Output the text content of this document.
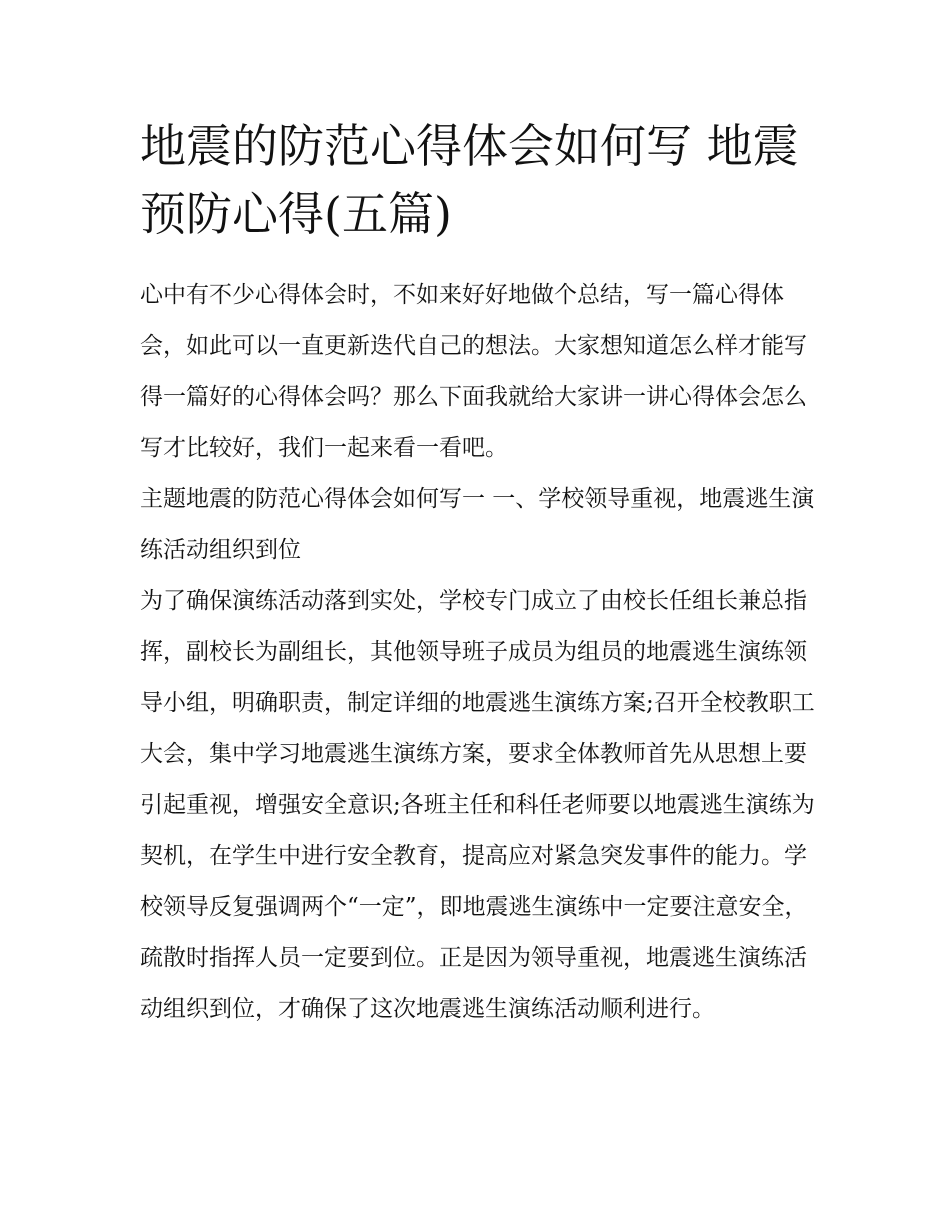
地震的防范心得体会如何写 地震预防心得(五篇)

心中有不少心得体会时，不如来好好地做个总结，写一篇心得体会，如此可以一直更新迭代自己的想法。大家想知道怎么样才能写得一篇好的心得体会吗？那么下面我就给大家讲一讲心得体会怎么写才比较好，我们一起来看一看吧。

主题地震的防范心得体会如何写一 一、学校领导重视，地震逃生演练活动组织到位

为了确保演练活动落到实处，学校专门成立了由校长任组长兼总指挥，副校长为副组长，其他领导班子成员为组员的地震逃生演练领导小组，明确职责，制定详细的地震逃生演练方案;召开全校教职工大会，集中学习地震逃生演练方案，要求全体教师首先从思想上要引起重视，增强安全意识;各班主任和科任老师要以地震逃生演练为契机，在学生中进行安全教育，提高应对紧急突发事件的能力。学校领导反复强调两个“一定”，即地震逃生演练中一定要注意安全，疏散时指挥人员一定要到位。正是因为领导重视，地震逃生演练活动组织到位，才确保了这次地震逃生演练活动顺利进行。
